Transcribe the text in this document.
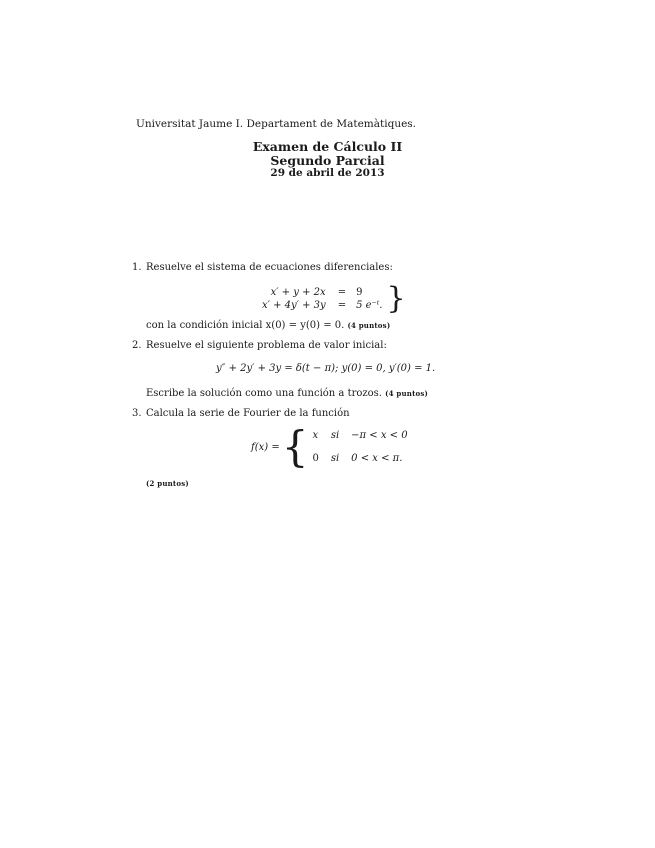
Universitat Jaume I. Departament de Matemàtiques.
Examen de Cálculo II
Segundo Parcial
29 de abril de 2013
1. Resuelve el sistema de ecuaciones diferenciales:
x′ + y + 2x	=	9
x′ + 4y′ + 3y	=	5 e⁻ᵗ. }
con la condición inicial x(0) = y(0) = 0. (4 puntos)
2. Resuelve el siguiente problema de valor inicial:
y″ + 2y′ + 3y = δ(t − π); y(0) = 0, y′(0) = 1.
Escribe la solución como una función a trozos. (4 puntos)
3. Calcula la serie de Fourier de la función
f(x) = { x	si	−π < x < 0
0	si	0 < x < π.
(2 puntos)
